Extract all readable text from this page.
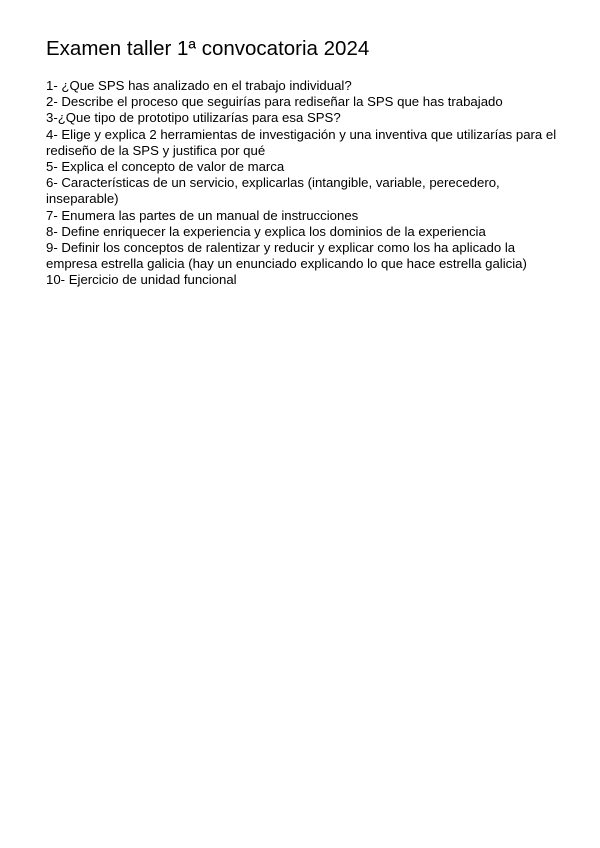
Examen taller 1ª convocatoria 2024
1- ¿Que SPS has analizado en el trabajo individual?
2- Describe el proceso que seguirías para rediseñar la SPS que has trabajado
3-¿Que tipo de prototipo utilizarías para esa SPS?
4- Elige y explica 2 herramientas de investigación y una inventiva que utilizarías para el rediseño de la SPS y justifica por qué
5- Explica el concepto de valor de marca
6- Características de un servicio, explicarlas (intangible, variable, perecedero, inseparable)
7- Enumera las partes de un manual de instrucciones
8- Define enriquecer la experiencia y explica los dominios de la experiencia
9- Definir los conceptos de ralentizar y reducir y explicar como los ha aplicado la empresa estrella galicia (hay un enunciado explicando lo que hace estrella galicia)
10- Ejercicio de unidad funcional
